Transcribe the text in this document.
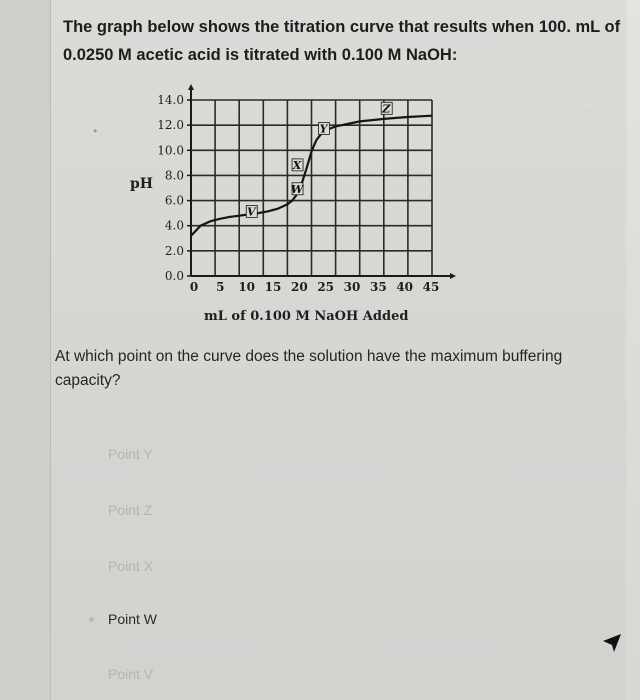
The graph below shows the titration curve that results when 100. mL of 0.0250 M acetic acid is titrated with 0.100 M NaOH:
14.0
12.0
10.0
8.0
6.0
4.0
2.0
0.0
0 5 10 15 20 25 30 35 40 45
V
W
X
Y
Z
pH
mL of 0.100 M NaOH Added
At which point on the curve does the solution have the maximum buffering capacity?
Point Y
Point Z
Point X
Point W
Point V
•
·
